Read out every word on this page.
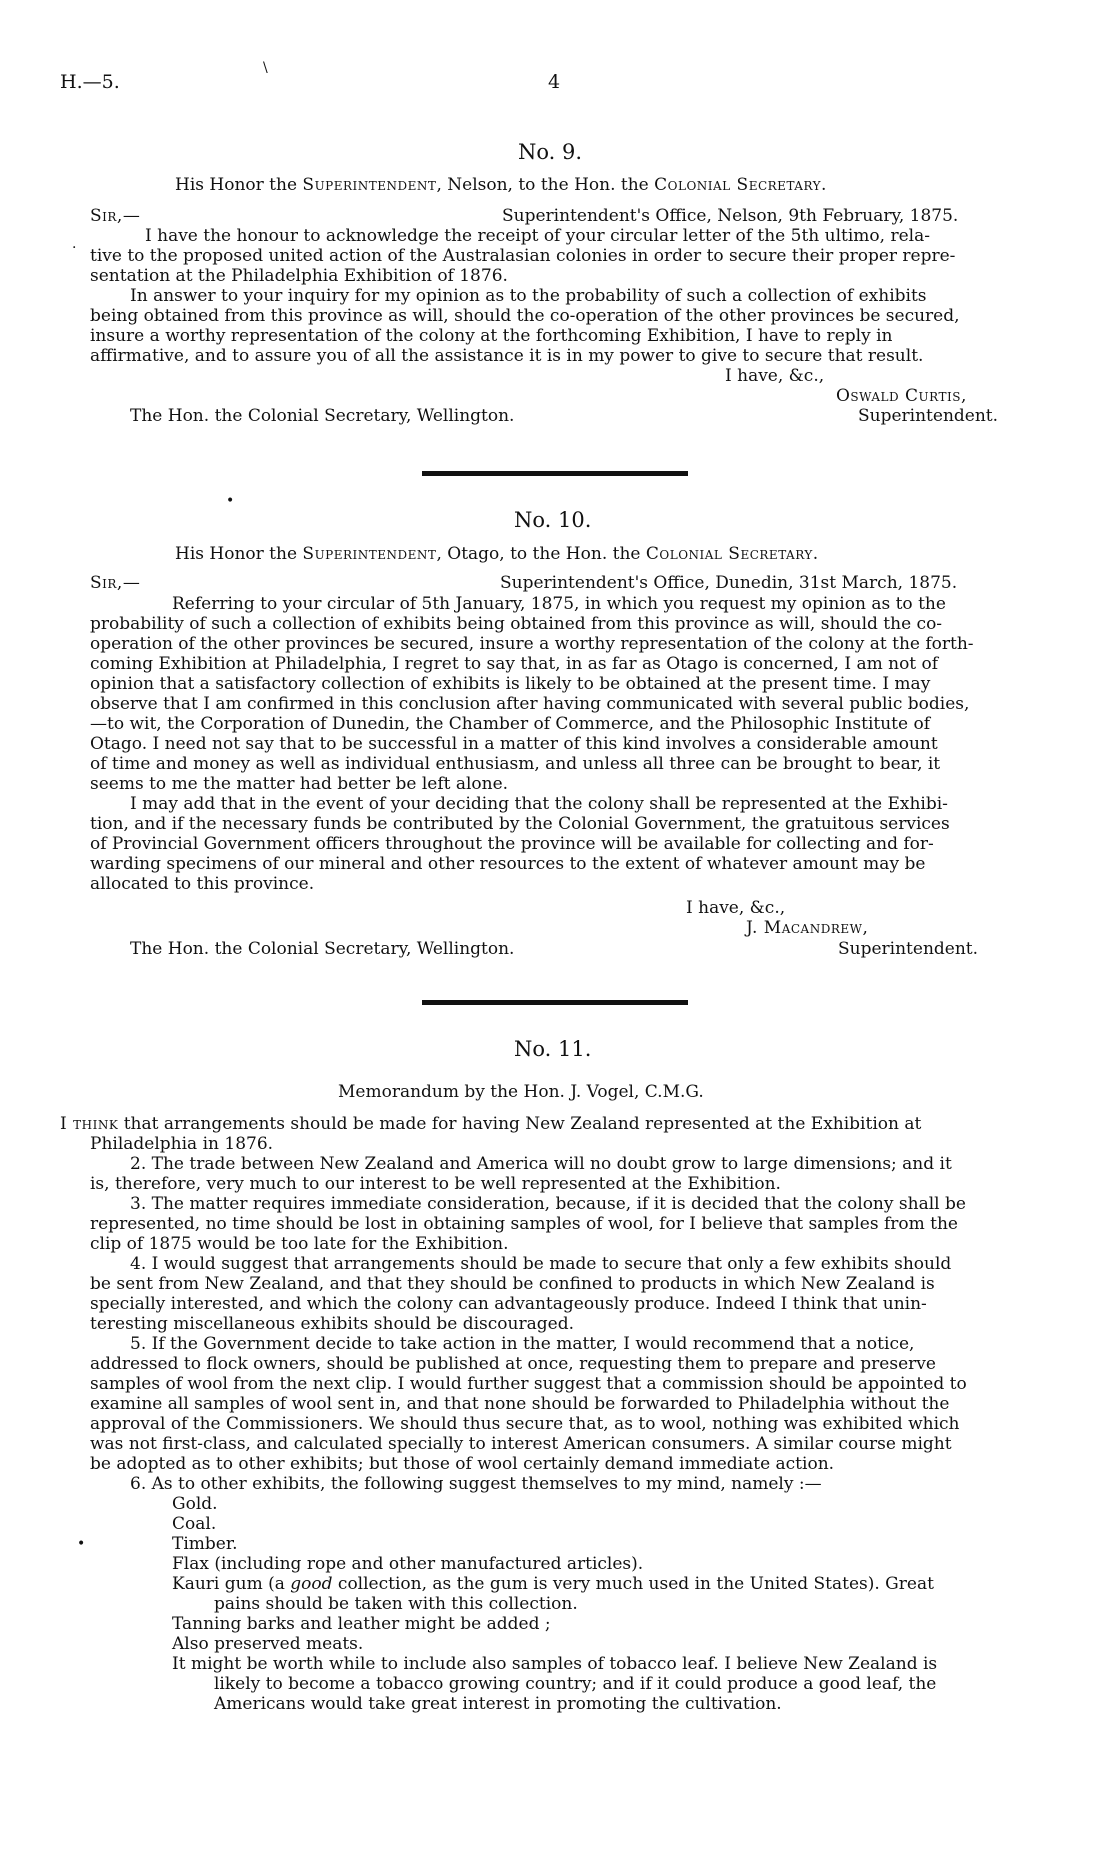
H.—5.	4
No. 9.
His Honor the Superintendent, Nelson, to the Hon. the Colonial Secretary.
Sir,—	Superintendent's Office, Nelson, 9th February, 1875.
I have the honour to acknowledge the receipt of your circular letter of the 5th ultimo, rela-
tive to the proposed united action of the Australasian colonies in order to secure their proper repre-
sentation at the Philadelphia Exhibition of 1876.
In answer to your inquiry for my opinion as to the probability of such a collection of exhibits
being obtained from this province as will, should the co-operation of the other provinces be secured,
insure a worthy representation of the colony at the forthcoming Exhibition, I have to reply in
affirmative, and to assure you of all the assistance it is in my power to give to secure that result.
I have, &c.,
Oswald Curtis,
The Hon. the Colonial Secretary, Wellington.	Superintendent.
No. 10.
His Honor the Superintendent, Otago, to the Hon. the Colonial Secretary.
Sir,—	Superintendent's Office, Dunedin, 31st March, 1875.
Referring to your circular of 5th January, 1875, in which you request my opinion as to the
probability of such a collection of exhibits being obtained from this province as will, should the co-
operation of the other provinces be secured, insure a worthy representation of the colony at the forth-
coming Exhibition at Philadelphia, I regret to say that, in as far as Otago is concerned, I am not of
opinion that a satisfactory collection of exhibits is likely to be obtained at the present time. I may
observe that I am confirmed in this conclusion after having communicated with several public bodies,
—to wit, the Corporation of Dunedin, the Chamber of Commerce, and the Philosophic Institute of
Otago. I need not say that to be successful in a matter of this kind involves a considerable amount
of time and money as well as individual enthusiasm, and unless all three can be brought to bear, it
seems to me the matter had better be left alone.
I may add that in the event of your deciding that the colony shall be represented at the Exhibi-
tion, and if the necessary funds be contributed by the Colonial Government, the gratuitous services
of Provincial Government officers throughout the province will be available for collecting and for-
warding specimens of our mineral and other resources to the extent of whatever amount may be
allocated to this province.
I have, &c.,
J. Macandrew,
The Hon. the Colonial Secretary, Wellington.	Superintendent.
No. 11.
Memorandum by the Hon. J. Vogel, C.M.G.
I think that arrangements should be made for having New Zealand represented at the Exhibition at
Philadelphia in 1876.
2. The trade between New Zealand and America will no doubt grow to large dimensions; and it
is, therefore, very much to our interest to be well represented at the Exhibition.
3. The matter requires immediate consideration, because, if it is decided that the colony shall be
represented, no time should be lost in obtaining samples of wool, for I believe that samples from the
clip of 1875 would be too late for the Exhibition.
4. I would suggest that arrangements should be made to secure that only a few exhibits should
be sent from New Zealand, and that they should be confined to products in which New Zealand is
specially interested, and which the colony can advantageously produce. Indeed I think that unin-
teresting miscellaneous exhibits should be discouraged.
5. If the Government decide to take action in the matter, I would recommend that a notice,
addressed to flock owners, should be published at once, requesting them to prepare and preserve
samples of wool from the next clip. I would further suggest that a commission should be appointed to
examine all samples of wool sent in, and that none should be forwarded to Philadelphia without the
approval of the Commissioners. We should thus secure that, as to wool, nothing was exhibited which
was not first-class, and calculated specially to interest American consumers. A similar course might
be adopted as to other exhibits; but those of wool certainly demand immediate action.
6. As to other exhibits, the following suggest themselves to my mind, namely :—
Gold.
Coal.
Timber.
Flax (including rope and other manufactured articles).
Kauri gum (a good collection, as the gum is very much used in the United States). Great
pains should be taken with this collection.
Tanning barks and leather might be added ;
Also preserved meats.
It might be worth while to include also samples of tobacco leaf. I believe New Zealand is
likely to become a tobacco growing country; and if it could produce a good leaf, the
Americans would take great interest in promoting the cultivation.
\
·
•
•
